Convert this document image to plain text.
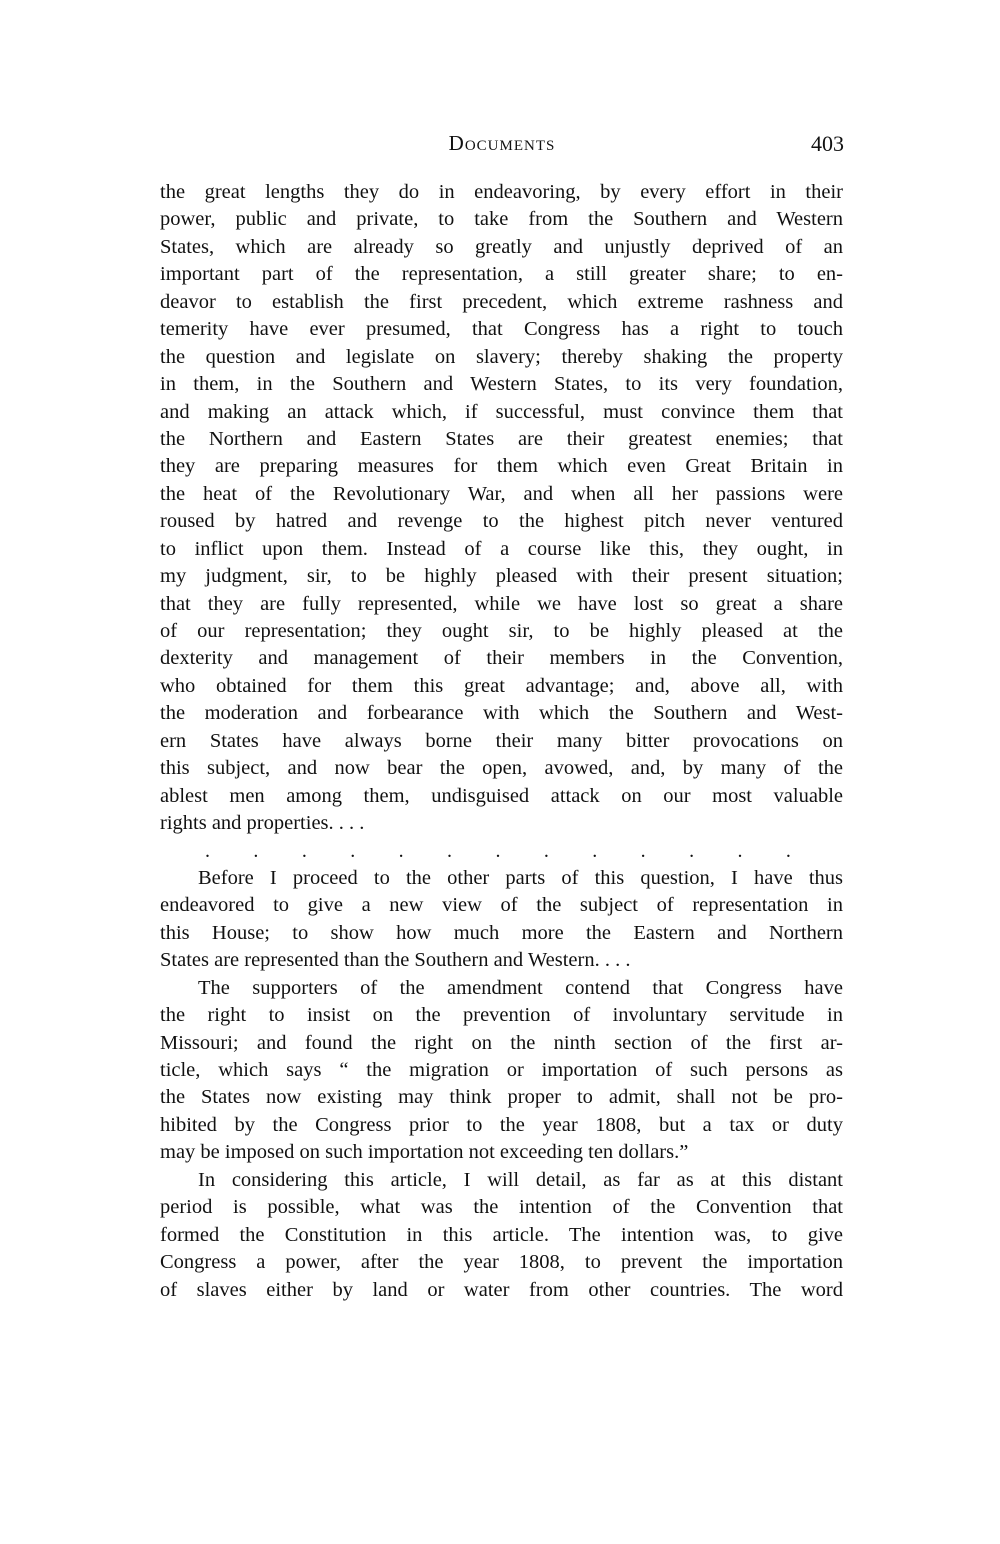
Documents	403
the great lengths they do in endeavoring, by every effort in their
power, public and private, to take from the Southern and Western
States, which are already so greatly and unjustly deprived of an
important part of the representation, a still greater share; to en-
deavor to establish the first precedent, which extreme rashness and
temerity have ever presumed, that Congress has a right to touch
the question and legislate on slavery; thereby shaking the property
in them, in the Southern and Western States, to its very foundation,
and making an attack which, if successful, must convince them that
the Northern and Eastern States are their greatest enemies; that
they are preparing measures for them which even Great Britain in
the heat of the Revolutionary War, and when all her passions were
roused by hatred and revenge to the highest pitch never ventured
to inflict upon them. Instead of a course like this, they ought, in
my judgment, sir, to be highly pleased with their present situation;
that they are fully represented, while we have lost so great a share
of our representation; they ought sir, to be highly pleased at the
dexterity and management of their members in the Convention,
who obtained for them this great advantage; and, above all, with
the moderation and forbearance with which the Southern and West-
ern States have always borne their many bitter provocations on
this subject, and now bear the open, avowed, and, by many of the
ablest men among them, undisguised attack on our most valuable
rights and properties. . . .
. . . . . . . . . . . . .
Before I proceed to the other parts of this question, I have thus
endeavored to give a new view of the subject of representation in
this House; to show how much more the Eastern and Northern
States are represented than the Southern and Western. . . .
The supporters of the amendment contend that Congress have
the right to insist on the prevention of involuntary servitude in
Missouri; and found the right on the ninth section of the first ar-
ticle, which says “ the migration or importation of such persons as
the States now existing may think proper to admit, shall not be pro-
hibited by the Congress prior to the year 1808, but a tax or duty
may be imposed on such importation not exceeding ten dollars.”
In considering this article, I will detail, as far as at this distant
period is possible, what was the intention of the Convention that
formed the Constitution in this article. The intention was, to give
Congress a power, after the year 1808, to prevent the importation
of slaves either by land or water from other countries. The word
